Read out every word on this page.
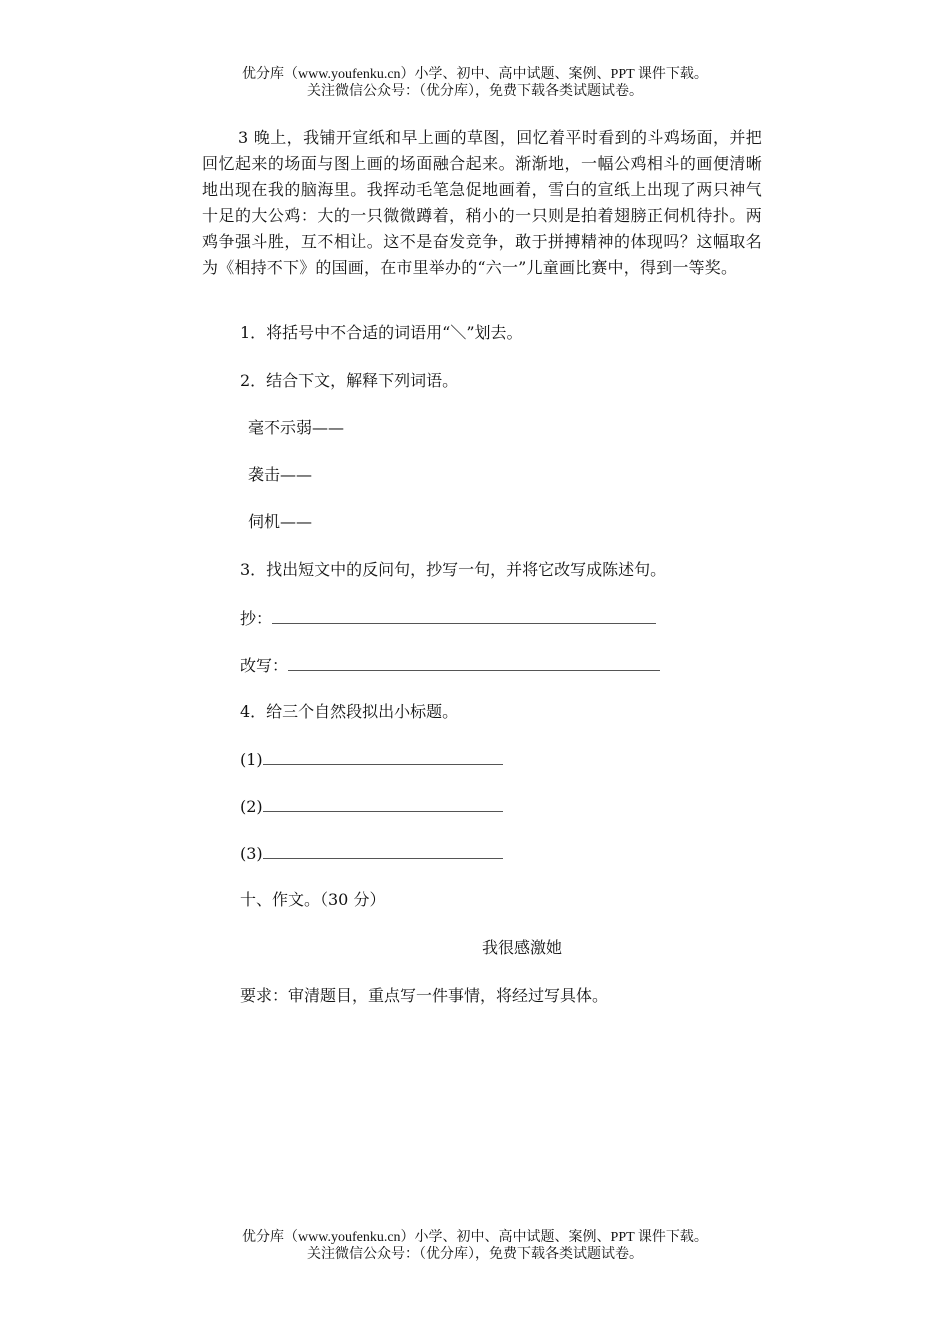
优分库（www.youfenku.cn）小学、初中、高中试题、案例、PPT 课件下载。
关注微信公众号：（优分库），免费下载各类试题试卷。
3 晚上，我铺开宣纸和早上画的草图，回忆着平时看到的斗鸡场面，并把回忆起来的场面与图上画的场面融合起来。渐渐地，一幅公鸡相斗的画便清晰地出现在我的脑海里。我挥动毛笔急促地画着，雪白的宣纸上出现了两只神气十足的大公鸡：大的一只微微蹲着，稍小的一只则是拍着翅膀正伺机待扑。两鸡争强斗胜，互不相让。这不是奋发竞争，敢于拼搏精神的体现吗？这幅取名为《相持不下》的国画，在市里举办的“六一”儿童画比赛中，得到一等奖。
1．将括号中不合适的词语用“＼”划去。
2．结合下文，解释下列词语。
毫不示弱——
袭击——
伺机——
3．找出短文中的反问句，抄写一句，并将它改写成陈述句。
抄：
改写：
4．给三个自然段拟出小标题。
(1)
(2)
(3)
十、作文。（30 分）
我很感激她
要求：审清题目，重点写一件事情，将经过写具体。
优分库（www.youfenku.cn）小学、初中、高中试题、案例、PPT 课件下载。
关注微信公众号：（优分库），免费下载各类试题试卷。
